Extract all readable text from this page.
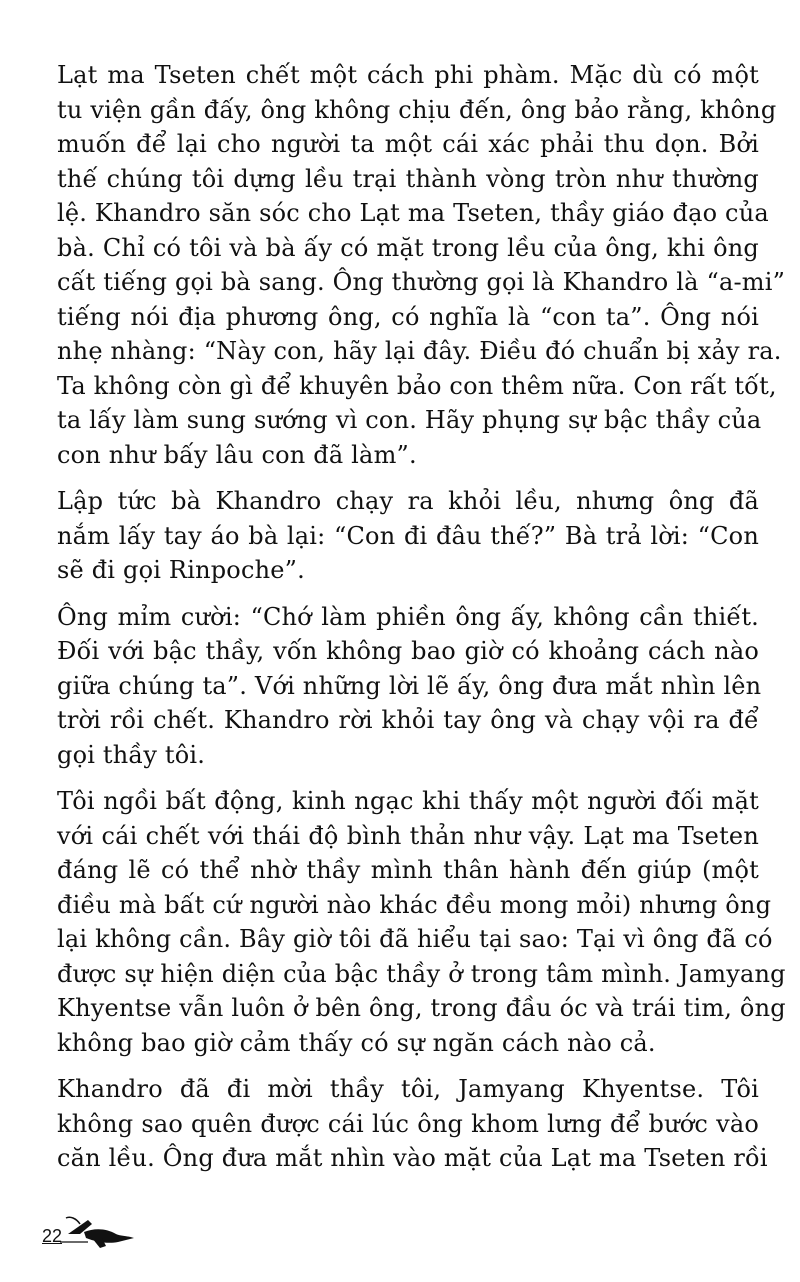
Lạt ma Tseten chết một cách phi phàm. Mặc dù có một
tu viện gần đấy, ông không chịu đến, ông bảo rằng, không
muốn để lại cho người ta một cái xác phải thu dọn. Bởi
thế chúng tôi dựng lều trại thành vòng tròn như thường
lệ. Khandro săn sóc cho Lạt ma Tseten, thầy giáo đạo của
bà. Chỉ có tôi và bà ấy có mặt trong lều của ông, khi ông
cất tiếng gọi bà sang. Ông thường gọi là Khandro là “a-mi”
tiếng nói địa phương ông, có nghĩa là “con ta”. Ông nói
nhẹ nhàng: “Này con, hãy lại đây. Điều đó chuẩn bị xảy ra.
Ta không còn gì để khuyên bảo con thêm nữa. Con rất tốt,
ta lấy làm sung sướng vì con. Hãy phụng sự bậc thầy của
con như bấy lâu con đã làm”.
Lập tức bà Khandro chạy ra khỏi lều, nhưng ông đã
nắm lấy tay áo bà lại: “Con đi đâu thế?” Bà trả lời: “Con
sẽ đi gọi Rinpoche”.
Ông mỉm cười: “Chớ làm phiền ông ấy, không cần thiết.
Đối với bậc thầy, vốn không bao giờ có khoảng cách nào
giữa chúng ta”. Với những lời lẽ ấy, ông đưa mắt nhìn lên
trời rồi chết. Khandro rời khỏi tay ông và chạy vội ra để
gọi thầy tôi.
Tôi ngồi bất động, kinh ngạc khi thấy một người đối mặt
với cái chết với thái độ bình thản như vậy. Lạt ma Tseten
đáng lẽ có thể nhờ thầy mình thân hành đến giúp (một
điều mà bất cứ người nào khác đều mong mỏi) nhưng ông
lại không cần. Bây giờ tôi đã hiểu tại sao: Tại vì ông đã có
được sự hiện diện của bậc thầy ở trong tâm mình. Jamyang
Khyentse vẫn luôn ở bên ông, trong đầu óc và trái tim, ông
không bao giờ cảm thấy có sự ngăn cách nào cả.
Khandro đã đi mời thầy tôi, Jamyang Khyentse. Tôi
không sao quên được cái lúc ông khom lưng để bước vào
căn lều. Ông đưa mắt nhìn vào mặt của Lạt ma Tseten rồi
22
